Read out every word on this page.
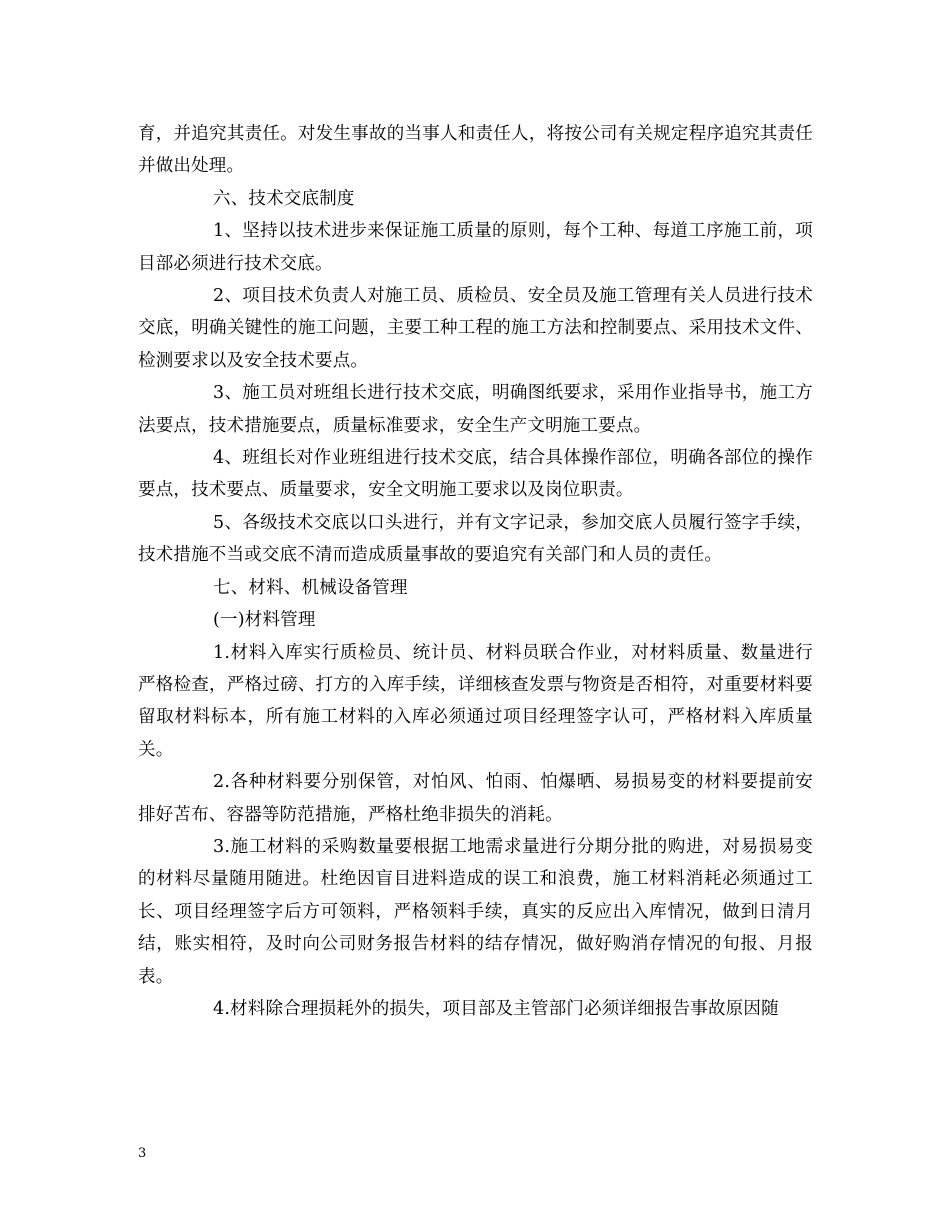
育，并追究其责任。对发生事故的当事人和责任人，将按公司有关规定程序追究其责任并做出处理。

六、技术交底制度

1、坚持以技术进步来保证施工质量的原则，每个工种、每道工序施工前，项目部必须进行技术交底。

2、项目技术负责人对施工员、质检员、安全员及施工管理有关人员进行技术交底，明确关键性的施工问题，主要工种工程的施工方法和控制要点、采用技术文件、检测要求以及安全技术要点。

3、施工员对班组长进行技术交底，明确图纸要求，采用作业指导书，施工方法要点，技术措施要点，质量标准要求，安全生产文明施工要点。

4、班组长对作业班组进行技术交底，结合具体操作部位，明确各部位的操作要点，技术要点、质量要求，安全文明施工要求以及岗位职责。

5、各级技术交底以口头进行，并有文字记录，参加交底人员履行签字手续，技术措施不当或交底不清而造成质量事故的要追究有关部门和人员的责任。

七、材料、机械设备管理

(一)材料管理

1.材料入库实行质检员、统计员、材料员联合作业，对材料质量、数量进行严格检查，严格过磅、打方的入库手续，详细核查发票与物资是否相符，对重要材料要留取材料标本，所有施工材料的入库必须通过项目经理签字认可，严格材料入库质量关。

2.各种材料要分别保管，对怕风、怕雨、怕爆晒、易损易变的材料要提前安排好苫布、容器等防范措施，严格杜绝非损失的消耗。

3.施工材料的采购数量要根据工地需求量进行分期分批的购进，对易损易变的材料尽量随用随进。杜绝因盲目进料造成的误工和浪费，施工材料消耗必须通过工长、项目经理签字后方可领料，严格领料手续，真实的反应出入库情况，做到日清月结，账实相符，及时向公司财务报告材料的结存情况，做好购消存情况的旬报、月报表。

4.材料除合理损耗外的损失，项目部及主管部门必须详细报告事故原因随

3
